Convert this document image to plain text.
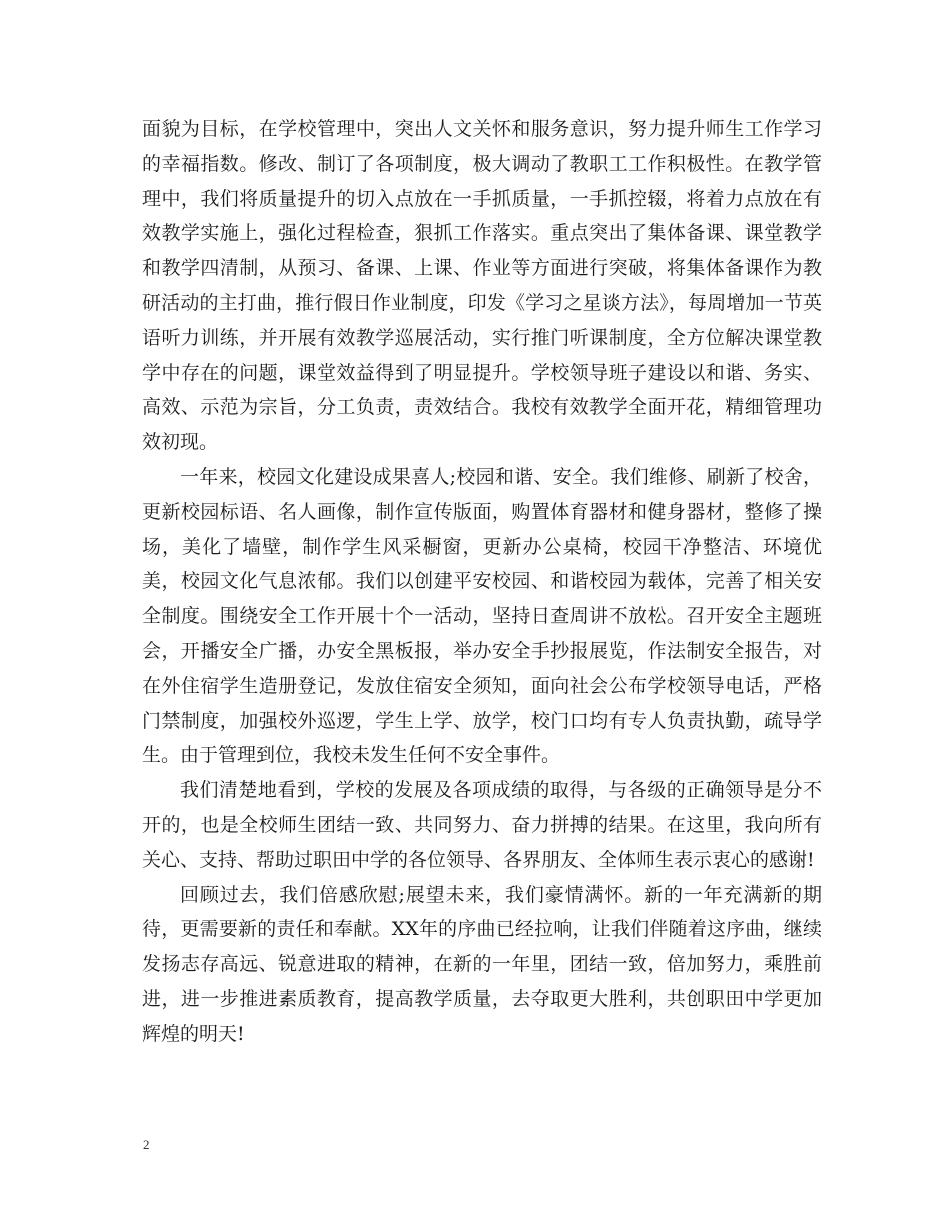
面貌为目标，在学校管理中，突出人文关怀和服务意识，努力提升师生工作学习的幸福指数。修改、制订了各项制度，极大调动了教职工工作积极性。在教学管理中，我们将质量提升的切入点放在一手抓质量，一手抓控辍，将着力点放在有效教学实施上，强化过程检查，狠抓工作落实。重点突出了集体备课、课堂教学和教学四清制，从预习、备课、上课、作业等方面进行突破，将集体备课作为教研活动的主打曲，推行假日作业制度，印发《学习之星谈方法》，每周增加一节英语听力训练，并开展有效教学巡展活动，实行推门听课制度，全方位解决课堂教学中存在的问题，课堂效益得到了明显提升。学校领导班子建设以和谐、务实、高效、示范为宗旨，分工负责，责效结合。我校有效教学全面开花，精细管理功效初现。

一年来，校园文化建设成果喜人;校园和谐、安全。我们维修、刷新了校舍，更新校园标语、名人画像，制作宣传版面，购置体育器材和健身器材，整修了操场，美化了墙壁，制作学生风采橱窗，更新办公桌椅，校园干净整洁、环境优美，校园文化气息浓郁。我们以创建平安校园、和谐校园为载体，完善了相关安全制度。围绕安全工作开展十个一活动，坚持日查周讲不放松。召开安全主题班会，开播安全广播，办安全黑板报，举办安全手抄报展览，作法制安全报告，对在外住宿学生造册登记，发放住宿安全须知，面向社会公布学校领导电话，严格门禁制度，加强校外巡逻，学生上学、放学，校门口均有专人负责执勤，疏导学生。由于管理到位，我校未发生任何不安全事件。

我们清楚地看到，学校的发展及各项成绩的取得，与各级的正确领导是分不开的，也是全校师生团结一致、共同努力、奋力拼搏的结果。在这里，我向所有关心、支持、帮助过职田中学的各位领导、各界朋友、全体师生表示衷心的感谢!

回顾过去，我们倍感欣慰;展望未来，我们豪情满怀。新的一年充满新的期待，更需要新的责任和奉献。XX年的序曲已经拉响，让我们伴随着这序曲，继续发扬志存高远、锐意进取的精神，在新的一年里，团结一致，倍加努力，乘胜前进，进一步推进素质教育，提高教学质量，去夺取更大胜利，共创职田中学更加辉煌的明天!

2
